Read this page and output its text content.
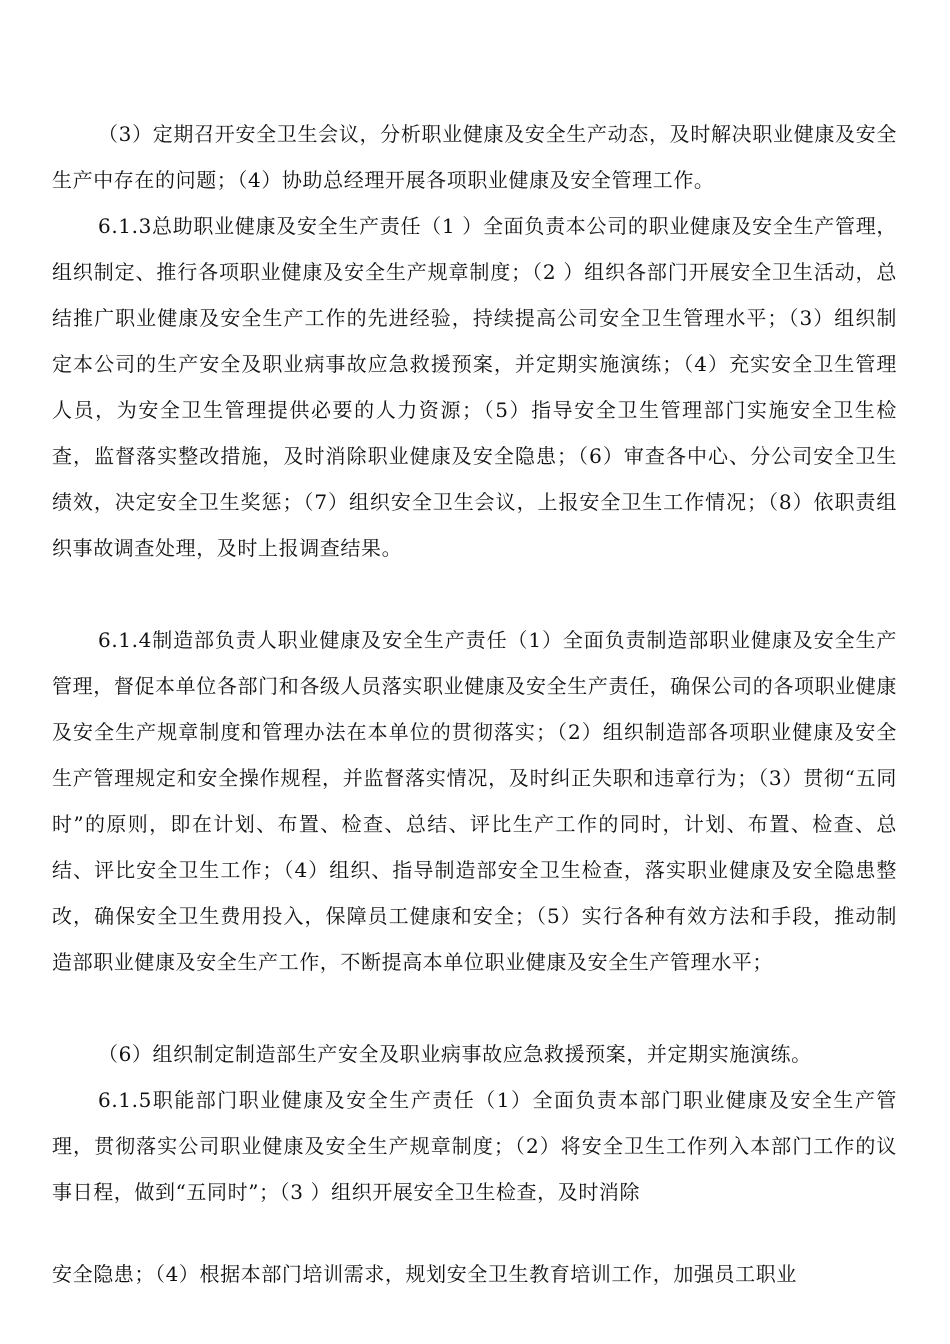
（3）定期召开安全卫生会议，分析职业健康及安全生产动态，及时解决职业健康及安全生产中存在的问题；（4）协助总经理开展各项职业健康及安全管理工作。

6.1.3总助职业健康及安全生产责任（1 ）全面负责本公司的职业健康及安全生产管理，组织制定、推行各项职业健康及安全生产规章制度；（2 ）组织各部门开展安全卫生活动，总结推广职业健康及安全生产工作的先进经验，持续提高公司安全卫生管理水平；（3）组织制定本公司的生产安全及职业病事故应急救援预案，并定期实施演练；（4）充实安全卫生管理人员，为安全卫生管理提供必要的人力资源；（5）指导安全卫生管理部门实施安全卫生检查，监督落实整改措施，及时消除职业健康及安全隐患；（6）审查各中心、分公司安全卫生绩效，决定安全卫生奖惩；（7）组织安全卫生会议，上报安全卫生工作情况；（8）依职责组织事故调查处理，及时上报调查结果。

6.1.4制造部负责人职业健康及安全生产责任（1）全面负责制造部职业健康及安全生产管理，督促本单位各部门和各级人员落实职业健康及安全生产责任，确保公司的各项职业健康及安全生产规章制度和管理办法在本单位的贯彻落实；（2）组织制造部各项职业健康及安全生产管理规定和安全操作规程，并监督落实情况，及时纠正失职和违章行为；（3）贯彻“五同时”的原则，即在计划、布置、检查、总结、评比生产工作的同时，计划、布置、检查、总结、评比安全卫生工作；（4）组织、指导制造部安全卫生检查，落实职业健康及安全隐患整改，确保安全卫生费用投入，保障员工健康和安全；（5）实行各种有效方法和手段，推动制造部职业健康及安全生产工作，不断提高本单位职业健康及安全生产管理水平；

（6）组织制定制造部生产安全及职业病事故应急救援预案，并定期实施演练。

6.1.5职能部门职业健康及安全生产责任（1）全面负责本部门职业健康及安全生产管理，贯彻落实公司职业健康及安全生产规章制度；（2）将安全卫生工作列入本部门工作的议事日程，做到“五同时”；（3 ）组织开展安全卫生检查，及时消除

安全隐患；（4）根据本部门培训需求，规划安全卫生教育培训工作，加强员工职业
